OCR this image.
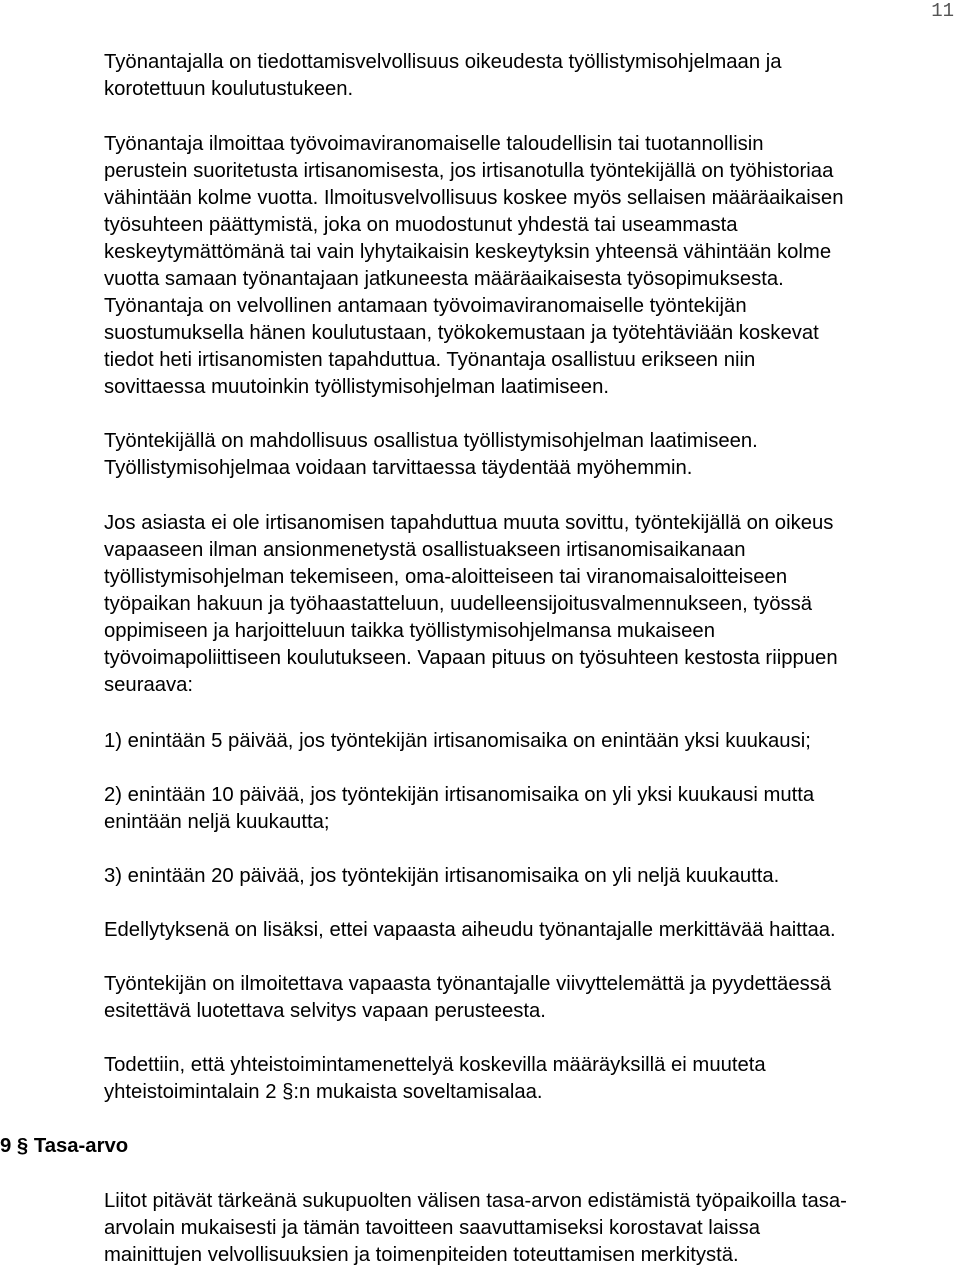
11

Työnantajalla on tiedottamisvelvollisuus oikeudesta työllistymisohjelmaan ja
korotettuun koulutustukeen.

Työnantaja ilmoittaa työvoimaviranomaiselle taloudellisin tai tuotannollisin
perustein suoritetusta irtisanomisesta, jos irtisanotulla työntekijällä on työhistoriaa
vähintään kolme vuotta. Ilmoitusvelvollisuus koskee myös sellaisen määräaikaisen
työsuhteen päättymistä, joka on muodostunut yhdestä tai useammasta
keskeytymättömänä tai vain lyhytaikaisin keskeytyksin yhteensä vähintään kolme
vuotta samaan työnantajaan jatkuneesta määräaikaisesta työsopimuksesta.
Työnantaja on velvollinen antamaan työvoimaviranomaiselle työntekijän
suostumuksella hänen koulutustaan, työkokemustaan ja työtehtäviään koskevat
tiedot heti irtisanomisten tapahduttua. Työnantaja osallistuu erikseen niin
sovittaessa muutoinkin työllistymisohjelman laatimiseen.

Työntekijällä on mahdollisuus osallistua työllistymisohjelman laatimiseen.
Työllistymisohjelmaa voidaan tarvittaessa täydentää myöhemmin.

Jos asiasta ei ole irtisanomisen tapahduttua muuta sovittu, työntekijällä on oikeus
vapaaseen ilman ansionmenetystä osallistuakseen irtisanomisaikanaan
työllistymisohjelman tekemiseen, oma-aloitteiseen tai viranomaisaloitteiseen
työpaikan hakuun ja työhaastatteluun, uudelleensijoitusvalmennukseen, työssä
oppimiseen ja harjoitteluun taikka työllistymisohjelmansa mukaiseen
työvoimapoliittiseen koulutukseen. Vapaan pituus on työsuhteen kestosta riippuen
seuraava:

1) enintään 5 päivää, jos työntekijän irtisanomisaika on enintään yksi kuukausi;

2) enintään 10 päivää, jos työntekijän irtisanomisaika on yli yksi kuukausi mutta
enintään neljä kuukautta;

3) enintään 20 päivää, jos työntekijän irtisanomisaika on yli neljä kuukautta.

Edellytyksenä on lisäksi, ettei vapaasta aiheudu työnantajalle merkittävää haittaa.

Työntekijän on ilmoitettava vapaasta työnantajalle viivyttelemättä ja pyydettäessä
esitettävä luotettava selvitys vapaan perusteesta.

Todettiin, että yhteistoimintamenettelyä koskevilla määräyksillä ei muuteta
yhteistoimintalain 2 §:n mukaista soveltamisalaa.

9 § Tasa-arvo

Liitot pitävät tärkeänä sukupuolten välisen tasa-arvon edistämistä työpaikoilla tasa-
arvolain mukaisesti ja tämän tavoitteen saavuttamiseksi korostavat laissa
mainittujen velvollisuuksien ja toimenpiteiden toteuttamisen merkitystä.
